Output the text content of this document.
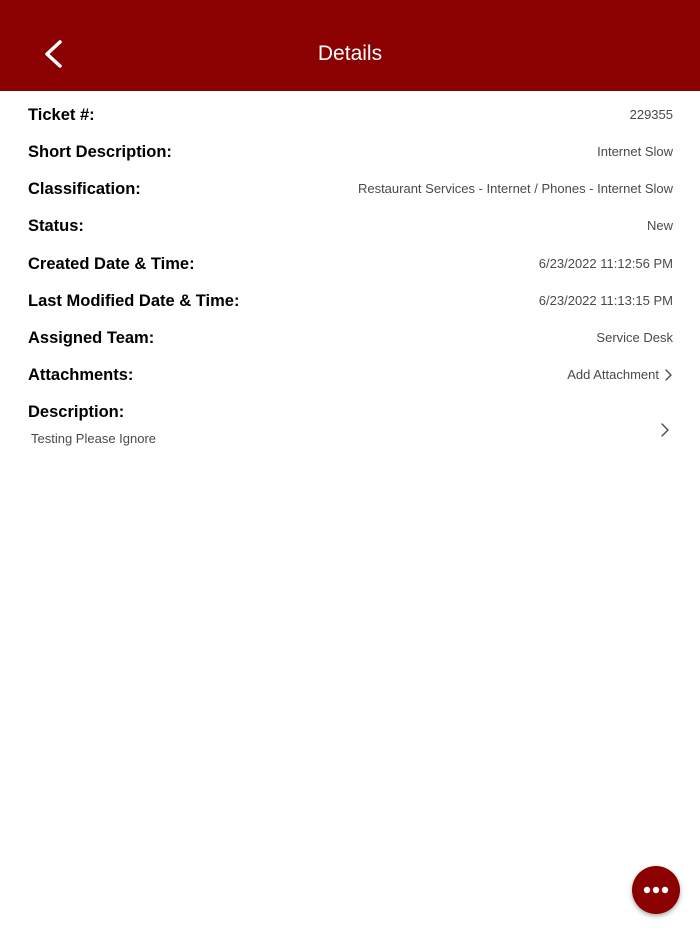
Details
Ticket #:	229355
Short Description:	Internet Slow
Classification:	Restaurant Services - Internet / Phones - Internet Slow
Status:	New
Created Date & Time:	6/23/2022 11:12:56 PM
Last Modified Date & Time:	6/23/2022 11:13:15 PM
Assigned Team:	Service Desk
Attachments:	Add Attachment
Description:
Testing Please Ignore
